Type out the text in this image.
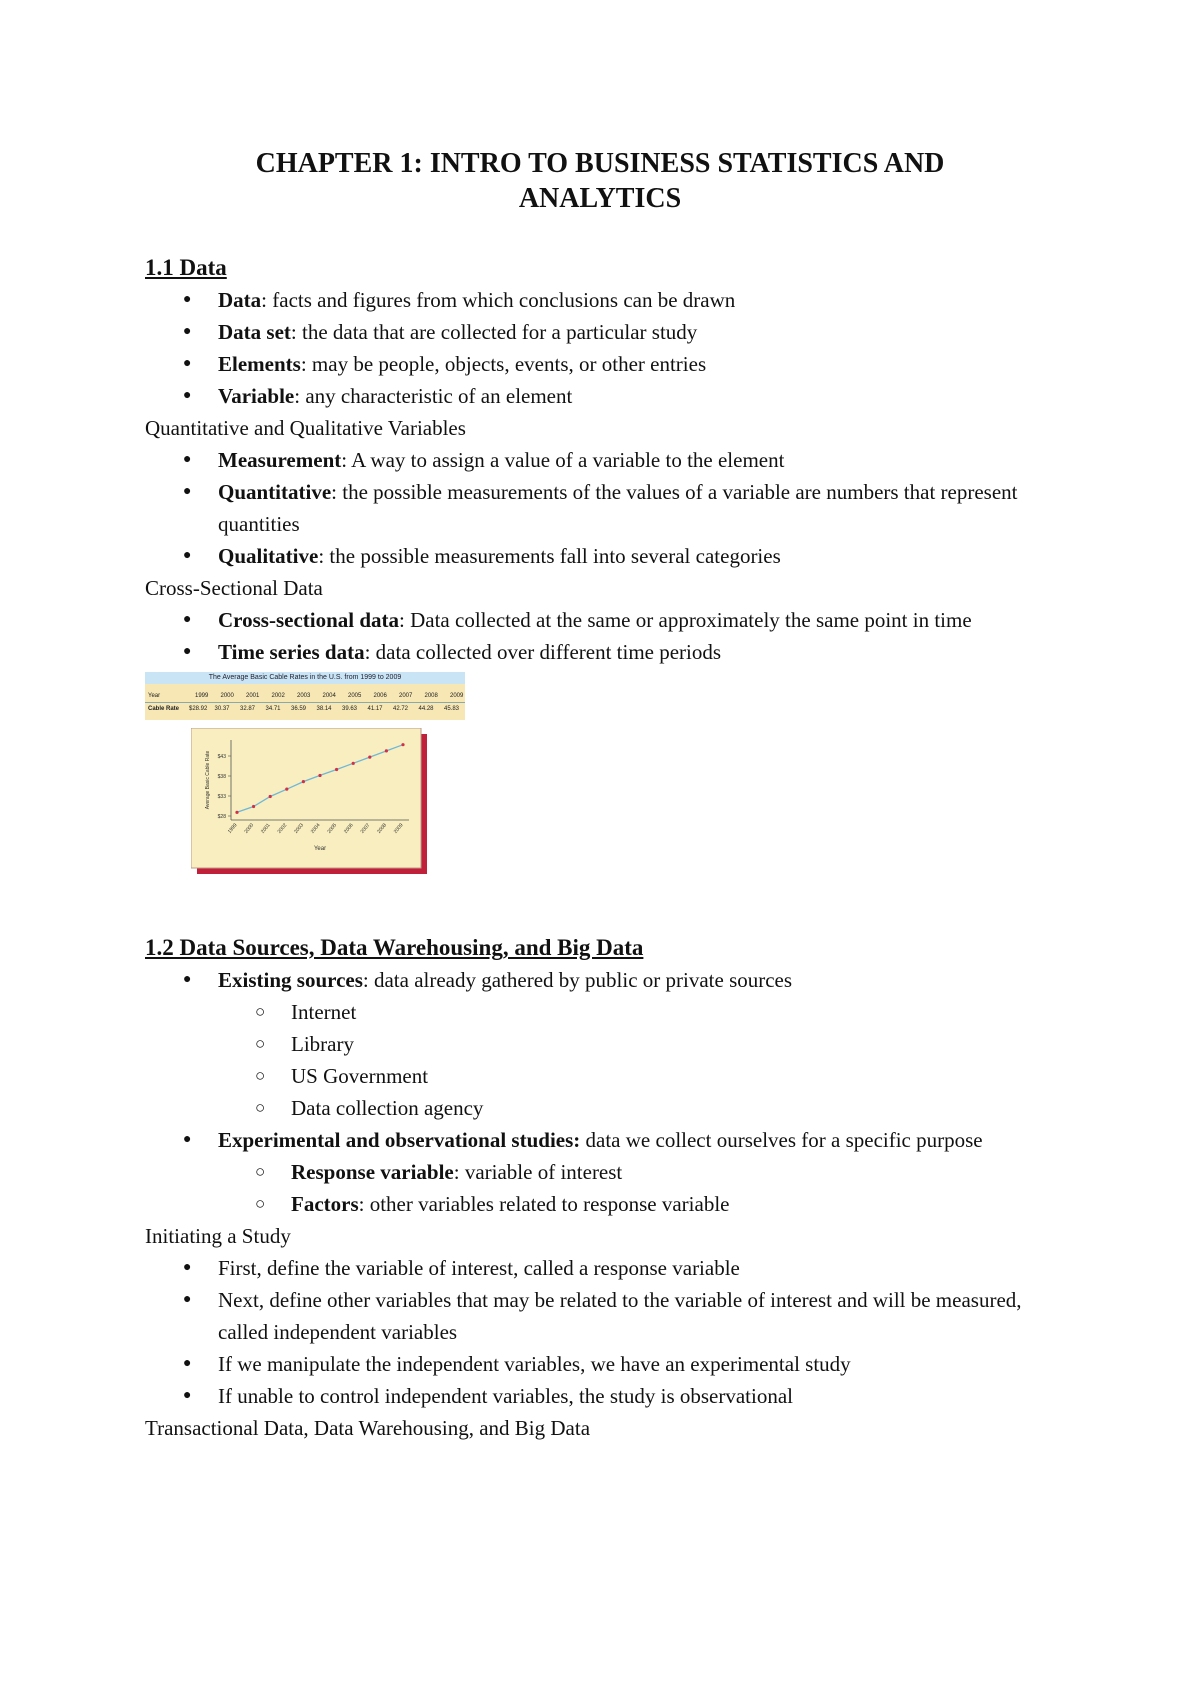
CHAPTER 1: INTRO TO BUSINESS STATISTICS AND
ANALYTICS

1.1 Data

● Data: facts and figures from which conclusions can be drawn
● Data set: the data that are collected for a particular study
● Elements: may be people, objects, events, or other entries
● Variable: any characteristic of an element

Quantitative and Qualitative Variables

● Measurement: A way to assign a value of a variable to the element
● Quantitative: the possible measurements of the values of a variable are numbers that represent quantities
● Qualitative: the possible measurements fall into several categories

Cross-Sectional Data

● Cross-sectional data: Data collected at the same or approximately the same point in time
● Time series data: data collected over different time periods
The Average Basic Cable Rates in the U.S. from 1999 to 2009
Year	1999 2000 2001 2002 2003 2004 2005 2006 2007 2008 2009
Cable Rate $28.92 30.37 32.87 34.71 36.59 38.14 39.63 41.17 42.72 44.28 45.83
$28
$33
$38
$43
Average Basic Cable Rate
1999 2000 2001 2002 2003 2004 2005 2006 2007 2008 2009
Year

1.2 Data Sources, Data Warehousing, and Big Data

● Existing sources: data already gathered by public or private sources
○ Internet
○ Library
○ US Government
○ Data collection agency
● Experimental and observational studies: data we collect ourselves for a specific purpose
○ Response variable: variable of interest
○ Factors: other variables related to response variable

Initiating a Study

● First, define the variable of interest, called a response variable
● Next, define other variables that may be related to the variable of interest and will be measured, called independent variables
● If we manipulate the independent variables, we have an experimental study
● If unable to control independent variables, the study is observational

Transactional Data, Data Warehousing, and Big Data
